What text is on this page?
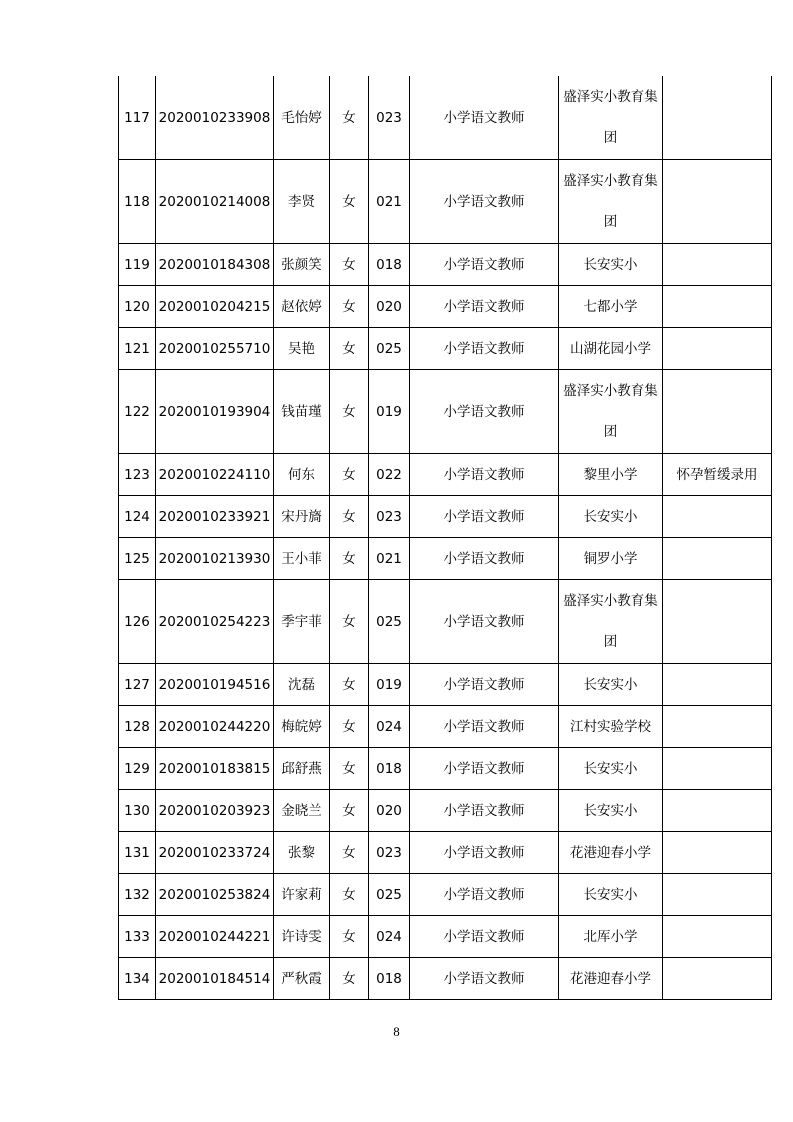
117	2020010233908	毛怡婷	女	023	小学语文教师	盛泽实小教育集团	

118	2020010214008	李贤	女	021	小学语文教师	盛泽实小教育集团	

119	2020010184308	张颜笑	女	018	小学语文教师	长安实小	
120	2020010204215	赵依婷	女	020	小学语文教师	七都小学	
121	2020010255710	吴艳	女	025	小学语文教师	山湖花园小学	
122	2020010193904	钱苗瑾	女	019	小学语文教师	盛泽实小教育集团	

123	2020010224110	何东	女	022	小学语文教师	黎里小学	怀孕暂缓录用
124	2020010233921	宋丹旖	女	023	小学语文教师	长安实小	
125	2020010213930	王小菲	女	021	小学语文教师	铜罗小学	
126	2020010254223	季宇菲	女	025	小学语文教师	盛泽实小教育集团	

127	2020010194516	沈磊	女	019	小学语文教师	长安实小	
128	2020010244220	梅皖婷	女	024	小学语文教师	江村实验学校	
129	2020010183815	邱舒燕	女	018	小学语文教师	长安实小	
130	2020010203923	金晓兰	女	020	小学语文教师	长安实小	
131	2020010233724	张黎	女	023	小学语文教师	花港迎春小学	
132	2020010253824	许家莉	女	025	小学语文教师	长安实小	
133	2020010244221	许诗雯	女	024	小学语文教师	北厍小学	
134	2020010184514	严秋霞	女	018	小学语文教师	花港迎春小学	
8
